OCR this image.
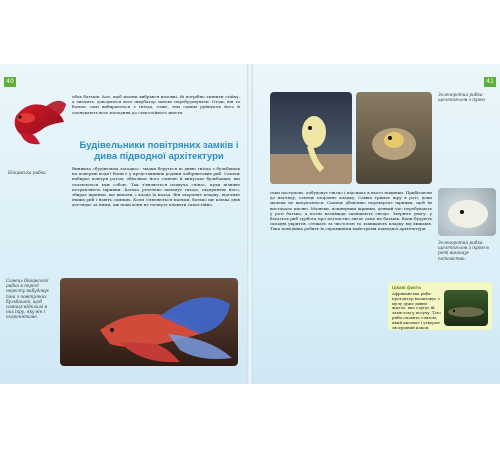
40
Бійцівська рибка
обох батьків. Але, щоб малюк вибрався назовні, їй потрібно змінити стійку, а значить, доводиться весь інкубатор заново перебудовувати. Отож, він та батько самі вибираються з гнізда, отже, тим самим руйнують його й спонукають весь молодняк до самостійного життя.
Будівельники повітряних замків і дива підводної архітектури
Виникла «будівельна загадка»: звідки беруться ці дивні гнізда з бульбашок на поверхні води? Вони є у представників родини лабіринтових риб. Самець набирає повітря ротом, обволікає його слиною й випускає бульбашки, які склеюються між собою. Так з'являється плавуча «піна», куди пізніше потрапляють ікринки. Батько ретельно пильнує гніздо, підправляє його, збирає ікринки, що випали, і кладе їх назад. Він охороняє кладку, відганяє інших риб і навіть самицю. Коли з'являються мальки, батько ще кілька днів доглядає за ними, аж поки вони не почнуть плавати самостійно.
Самець бійцівської рибки в період нересту вибудовує піни з повітряних бульбашок, щоб самиця відклала в них ікру, яку він і охоронятиме.
41
Зеленоротий рибка-щелепоголов з ікрою
Зеленоротий рибка-щелепоголов з ікрою в роті виношує потомство.
ськи поступово, добудовує гніздо і підсипає в нього піщинки. Прибігаючи до нагляду, самець охороняє кладку. Самка тримає ікру в роті, доки мальки не вилупляться. Самець дбайливо перевертає ікринки, щоб їм вистачало кисню. Малюки, покинувши ікринки, деякий час перебувають у роті батька, а потім назавжди залишають гніздо. Зверніть увагу: у багатьох риб турбота про потомство лягає саме на батьків. Вони будують складні укриття, стежать за чистотою та захищають кладку від хижаків. Така поведінка робить їх справжніми майстрами підводної архітектури.
Цікаві факти
Африканська риба-протоптер влаштовує з мулу дуже дивне житло, яке слугує їй захистом у посуху. Тіло риби оповите слизом, який висихає і утворює своєрідний кокон.
